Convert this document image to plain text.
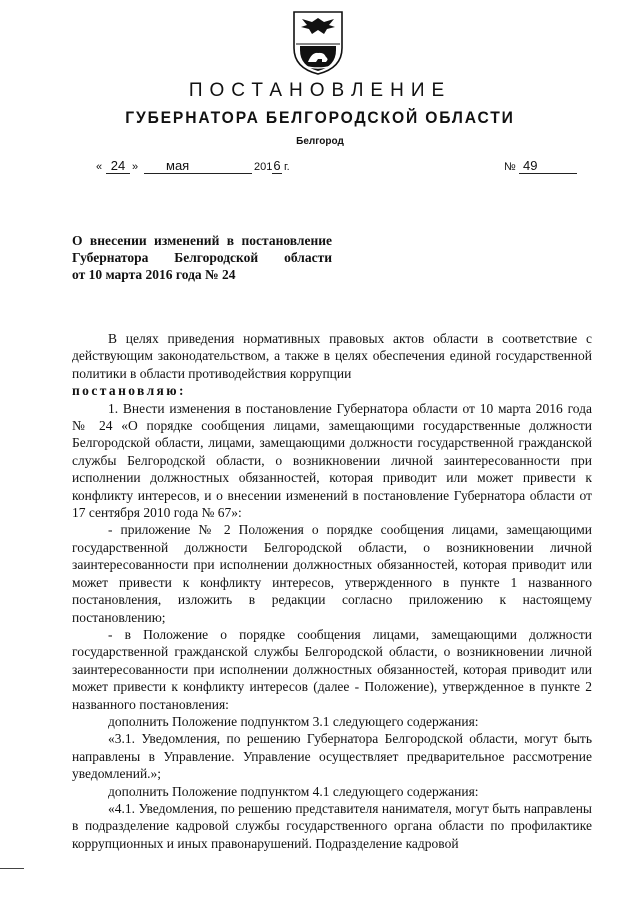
ПОСТАНОВЛЕНИЕ
ГУБЕРНАТОРА БЕЛГОРОДСКОЙ ОБЛАСТИ
Белгород
« 24 »	мая	201 6 г.	№ 49
О внесении изменений в постановление
Губернатора Белгородской области
от 10 марта 2016 года № 24

В целях приведения нормативных правовых актов области в соответствие с действующим законодательством, а также в целях обеспечения единой государственной политики в области противодействия коррупции
постановляю:

1. Внести изменения в постановление Губернатора области от 10 марта 2016 года № 24 «О порядке сообщения лицами, замещающими государственные должности Белгородской области, лицами, замещающими должности государственной гражданской службы Белгородской области, о возникновении личной заинтересованности при исполнении должностных обязанностей, которая приводит или может привести к конфликту интересов, и о внесении изменений в постановление Губернатора области от 17 сентября 2010 года № 67»:

- приложение № 2 Положения о порядке сообщения лицами, замещающими государственной должности Белгородской области, о возникновении личной заинтересованности при исполнении должностных обязанностей, которая приводит или может привести к конфликту интересов, утвержденного в пункте 1 названного постановления, изложить в редакции согласно приложению к настоящему постановлению;

- в Положение о порядке сообщения лицами, замещающими должности государственной гражданской службы Белгородской области, о возникновении личной заинтересованности при исполнении должностных обязанностей, которая приводит или может привести к конфликту интересов (далее - Положение), утвержденное в пункте 2 названного постановления:

дополнить Положение подпунктом 3.1 следующего содержания:

«3.1. Уведомления, по решению Губернатора Белгородской области, могут быть направлены в Управление. Управление осуществляет предварительное рассмотрение уведомлений.»;

дополнить Положение подпунктом 4.1 следующего содержания:

«4.1. Уведомления, по решению представителя нанимателя, могут быть направлены в подразделение кадровой службы государственного органа области по профилактике коррупционных и иных правонарушений. Подразделение кадровой
